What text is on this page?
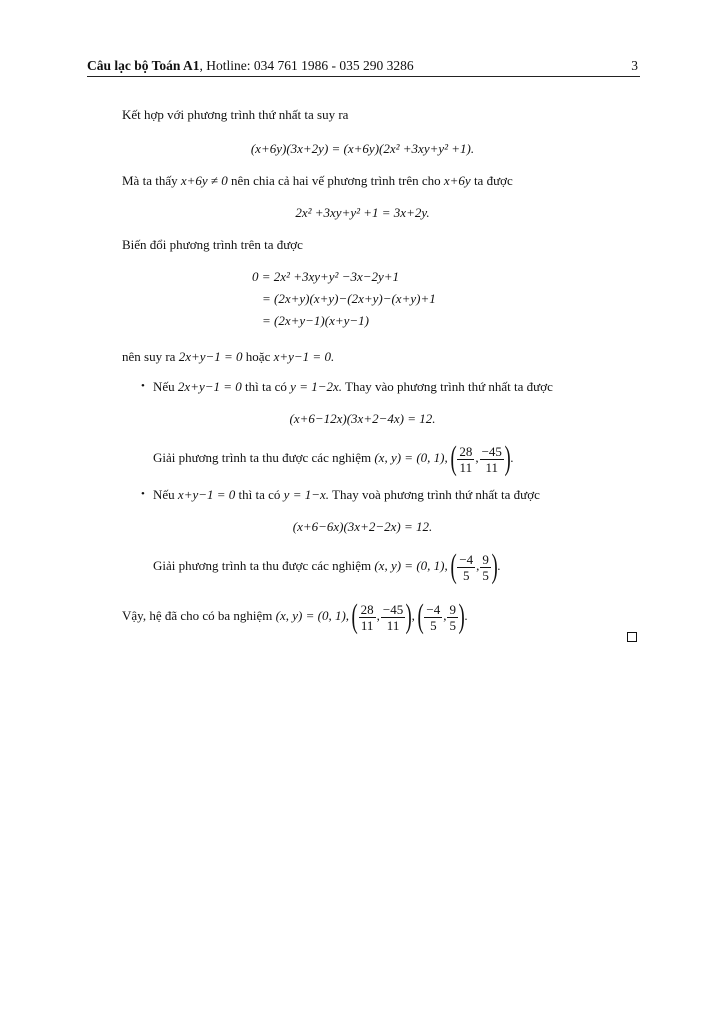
Câu lạc bộ Toán A1, Hotline: 034 761 1986 - 035 290 3286	3
Kết hợp với phương trình thứ nhất ta suy ra
(x+6y)(3x+2y) = (x+6y)(2x² +3xy+y² +1).
Mà ta thấy x+6y ≠ 0 nên chia cả hai vế phương trình trên cho x+6y ta được
2x² +3xy+y² +1 = 3x+2y.
Biến đổi phương trình trên ta được
0 = 2x² +3xy+y² −3x−2y+1
= (2x+y)(x+y)−(2x+y)−(x+y)+1
= (2x+y−1)(x+y−1)
nên suy ra 2x+y−1 = 0 hoặc x+y−1 = 0.
• Nếu 2x+y−1 = 0 thì ta có y = 1−2x. Thay vào phương trình thứ nhất ta được
(x+6−12x)(3x+2−4x) = 12.
Giải phương trình ta thu được các nghiệm (x, y) = (0, 1), ( $\frac{28}{11}$ , $\frac{-45}{11}$ ).
• Nếu x+y−1 = 0 thì ta có y = 1−x. Thay voà phương trình thứ nhất ta được
(x+6−6x)(3x+2−2x) = 12.
Giải phương trình ta thu được các nghiệm (x, y) = (0, 1), ( $\frac{-4}{5}$ , $\frac{9}{5}$ ).
Vậy, hệ đã cho có ba nghiệm (x, y) = (0, 1), ( $\frac{28}{11}$ , $\frac{-45}{11}$ ), ( $\frac{-4}{5}$ , $\frac{9}{5}$ ).
